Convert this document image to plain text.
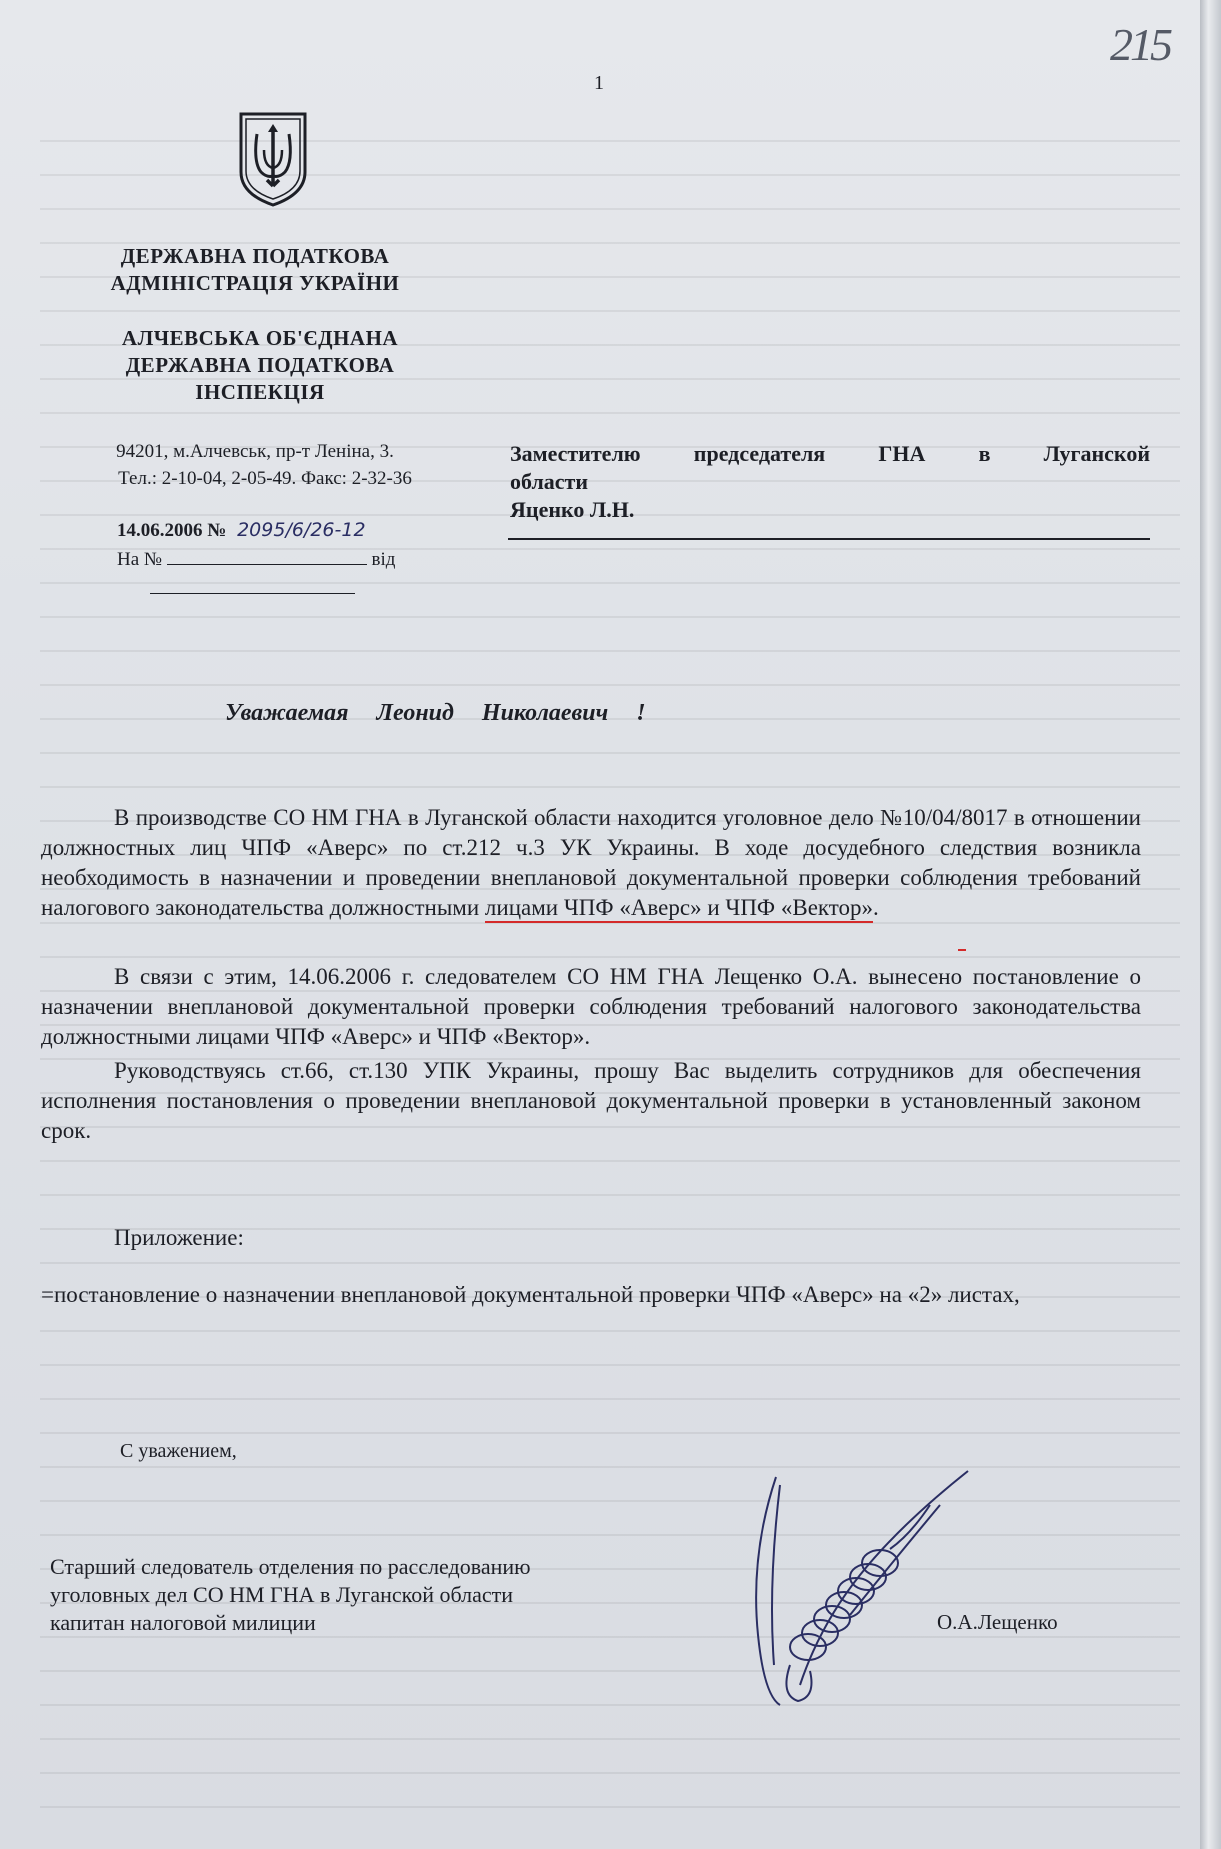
215
1
ДЕРЖАВНА ПОДАТКОВА
АДМІНІСТРАЦІЯ УКРАЇНИ
АЛЧЕВСЬКА ОБ'ЄДНАНА
ДЕРЖАВНА ПОДАТКОВА
ІНСПЕКЦІЯ
94201, м.Алчевськ, пр-т Леніна, 3.
Тел.: 2-10-04, 2-05-49. Факс: 2-32-36
14.06.2006 № 2095/6/26-12
На №	від
Заместителю председателя ГНА в Луганской
области
Яценко Л.Н.
Уважаемая Леонид Николаевич !
В производстве СО НМ ГНА в Луганской области находится уголовное дело №10/04/8017 в отношении должностных лиц ЧПФ «Аверс» по ст.212 ч.3 УК Украины. В ходе досудебного следствия возникла необходимость в назначении и проведении внеплановой документальной проверки соблюдения требований налогового законодательства должностными лицами ЧПФ «Аверс» и ЧПФ «Вектор».
В связи с этим, 14.06.2006 г. следователем СО НМ ГНА Лещенко О.А. вынесено постановление о назначении внеплановой документальной проверки соблюдения требований налогового законодательства должностными лицами ЧПФ «Аверс» и ЧПФ «Вектор».
Руководствуясь ст.66, ст.130 УПК Украины, прошу Вас выделить сотрудников для обеспечения исполнения постановления о проведении внеплановой документальной проверки в установленный законом срок.
Приложение:
=постановление о назначении внеплановой документальной проверки ЧПФ «Аверс» на «2» листах,
С уважением,
Старший следователь отделения по расследованию
уголовных дел СО НМ ГНА в Луганской области
капитан налоговой милиции	О.А.Лещенко
